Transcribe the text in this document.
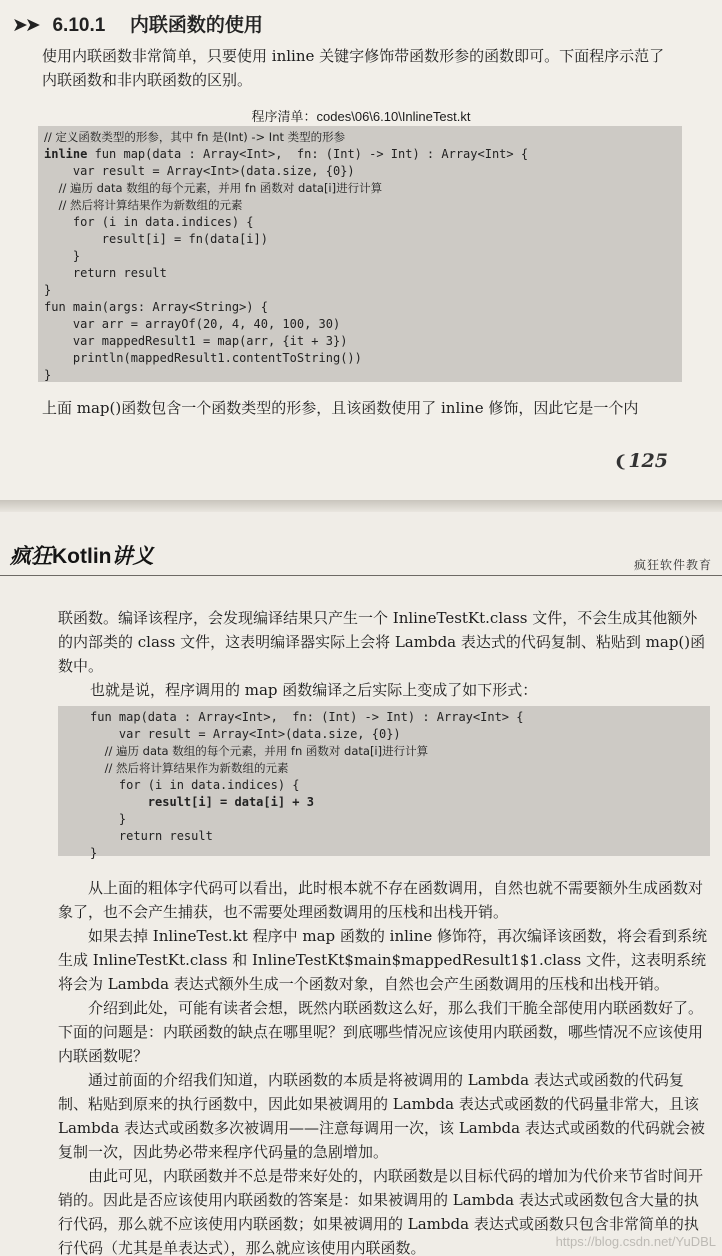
➤➤ 6.10.1 内联函数的使用
使用内联函数非常简单，只要使用 inline 关键字修饰带函数形参的函数即可。下面程序示范了内联函数和非内联函数的区别。
程序清单：codes\06\6.10\InlineTest.kt
// 定义函数类型的形参，其中 fn 是(Int) -> Int 类型的形参
inline fun map(data : Array<Int>,  fn: (Int) -> Int) : Array<Int> {
var result = Array<Int>(data.size, {0})
// 遍历 data 数组的每个元素，并用 fn 函数对 data[i]进行计算
// 然后将计算结果作为新数组的元素
for (i in data.indices) {
result[i] = fn(data[i])
}
return result
}
fun main(args: Array<String>) {
var arr = arrayOf(20, 4, 40, 100, 30)
var mappedResult1 = map(arr, {it + 3})
println(mappedResult1.contentToString())
}
上面 map()函数包含一个函数类型的形参，且该函数使用了 inline 修饰，因此它是一个内
❨125
疯狂Kotlin讲义	疯狂软件教育
联函数。编译该程序，会发现编译结果只产生一个 InlineTestKt.class 文件，不会生成其他额外的内部类的 class 文件，这表明编译器实际上会将 Lambda 表达式的代码复制、粘贴到 map()函数中。
也就是说，程序调用的 map 函数编译之后实际上变成了如下形式：
fun map(data : Array<Int>,  fn: (Int) -> Int) : Array<Int> {
var result = Array<Int>(data.size, {0})
// 遍历 data 数组的每个元素，并用 fn 函数对 data[i]进行计算
// 然后将计算结果作为新数组的元素
for (i in data.indices) {
result[i] = data[i] + 3
}
return result
}
从上面的粗体字代码可以看出，此时根本就不存在函数调用，自然也就不需要额外生成函数对象了，也不会产生捕获，也不需要处理函数调用的压栈和出栈开销。
如果去掉 InlineTest.kt 程序中 map 函数的 inline 修饰符，再次编译该函数，将会看到系统生成 InlineTestKt.class 和 InlineTestKt$main$mappedResult1$1.class 文件，这表明系统将会为 Lambda 表达式额外生成一个函数对象，自然也会产生函数调用的压栈和出栈开销。
介绍到此处，可能有读者会想，既然内联函数这么好，那么我们干脆全部使用内联函数好了。下面的问题是：内联函数的缺点在哪里呢？到底哪些情况应该使用内联函数，哪些情况不应该使用内联函数呢？
通过前面的介绍我们知道，内联函数的本质是将被调用的 Lambda 表达式或函数的代码复制、粘贴到原来的执行函数中，因此如果被调用的 Lambda 表达式或函数的代码量非常大，且该 Lambda 表达式或函数多次被调用——注意每调用一次，该 Lambda 表达式或函数的代码就会被复制一次，因此势必带来程序代码量的急剧增加。
由此可见，内联函数并不总是带来好处的，内联函数是以目标代码的增加为代价来节省时间开销的。因此是否应该使用内联函数的答案是：如果被调用的 Lambda 表达式或函数包含大量的执行代码，那么就不应该使用内联函数；如果被调用的 Lambda 表达式或函数只包含非常简单的执行代码（尤其是单表达式），那么就应该使用内联函数。	https://blog.csdn.net/YuDBL
